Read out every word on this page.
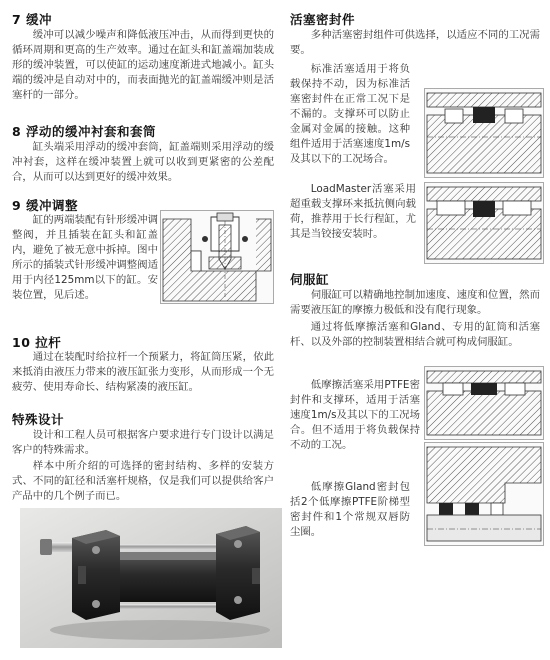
7 缓冲

缓冲可以减少噪声和降低液压冲击，从而得到更快的循环周期和更高的生产效率。通过在缸头和缸盖端加装成形的缓冲装置，可以使缸的运动速度渐进式地减小。缸头端的缓冲是自动对中的，而表面抛光的缸盖端缓冲则是活塞杆的一部分。

8 浮动的缓冲衬套和套筒

缸头端采用浮动的缓冲套筒，缸盖端则采用浮动的缓冲衬套，这样在缓冲装置上就可以收到更紧密的公差配合，从而可以达到更好的缓冲效果。

9 缓冲调整

缸的两端装配有针形缓冲调整阀，并且插装在缸头和缸盖内，避免了被无意中拆掉。图中所示的插装式针形缓冲调整阀适用于内径125mm以下的缸。安装位置，见后述。

10 拉杆

通过在装配时给拉杆一个预紧力，将缸筒压紧，依此来抵消由液压力带来的液压缸张力变形，从而形成一个无疲劳、使用寿命长、结构紧凑的液压缸。

特殊设计

设计和工程人员可根据客户要求进行专门设计以满足客户的特殊需求。

样本中所介绍的可选择的密封结构、多样的安装方式、不同的缸径和活塞杆规格，仅是我们可以提供给客户产品中的几个例子而已。

活塞密封件

多种活塞密封组件可供选择，以适应不同的工况需要。

标准活塞适用于将负载保持不动，因为标准活塞密封件在正常工况下是不漏的。支撑环可以防止金属对金属的接触。这种组件适用于活塞速度1m/s及其以下的工况场合。

LoadMaster活塞采用超重载支撑环来抵抗侧向载荷，推荐用于长行程缸，尤其是当铰接安装时。

伺服缸

伺服缸可以精确地控制加速度、速度和位置，然而需要液压缸的摩擦力极低和没有爬行现象。

通过将低摩擦活塞和Gland、专用的缸筒和活塞杆、以及外部的控制装置相结合就可构成伺服缸。

低摩擦活塞采用PTFE密封件和支撑环，适用于活塞速度1m/s及其以下的工况场合。但不适用于将负载保持不动的工况。

低摩擦Gland密封包括2个低摩擦PTFE阶梯型密封件和1个常规双唇防尘圈。
